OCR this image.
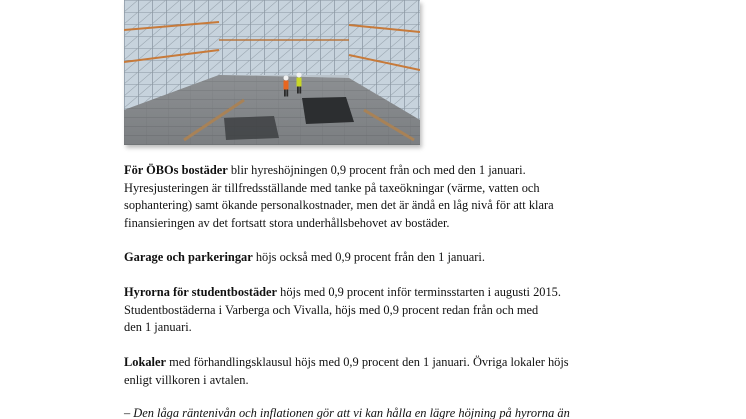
För ÖBOs bostäder blir hyreshöjningen 0,9 procent från och med den 1 januari.
Hyresjusteringen är tillfredsställande med tanke på taxeökningar (värme, vatten och
sophantering) samt ökande personalkostnader, men det är ändå en låg nivå för att klara
finansieringen av det fortsatt stora underhållsbehovet av bostäder.

Garage och parkeringar höjs också med 0,9 procent från den 1 januari.

Hyrorna för studentbostäder höjs med 0,9 procent inför terminsstarten i augusti 2015.
Studentbostäderna i Varberga och Vivalla, höjs med 0,9 procent redan från och med
den 1 januari.

Lokaler med förhandlingsklausul höjs med 0,9 procent den 1 januari. Övriga lokaler höjs
enligt villkoren i avtalen.

– Den låga räntenivån och inflationen gör att vi kan hålla en lägre höjning på hyrorna än
